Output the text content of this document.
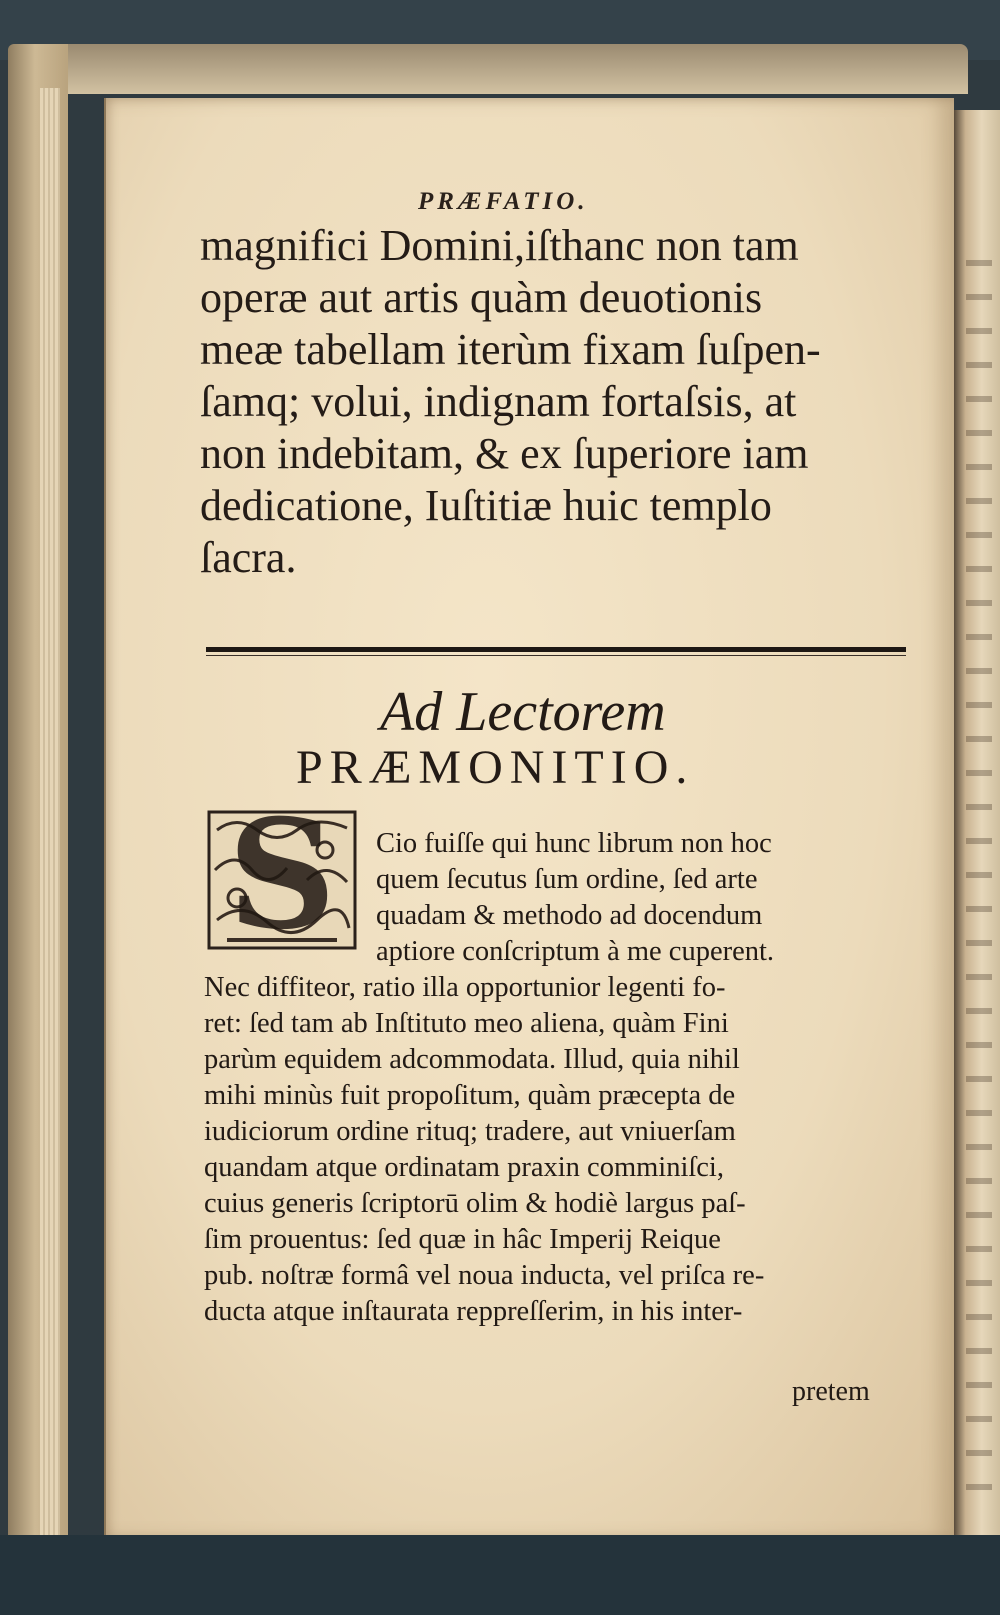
PRÆFATIO.
magnifici Domini,iſthanc non tam
operæ aut artis quàm deuotionis
meæ tabellam iterùm fixam ſuſpen-
ſamq; volui, indignam fortaſsis, at
non indebitam, & ex ſuperiore iam
dedicatione, Iuſtitiæ huic templo
ſacra.
Ad Lectorem
PRÆMONITIO.
S	Cio fuiſſe qui hunc librum non hoc
quem ſecutus ſum ordine, ſed arte
quadam & methodo ad docendum
aptiore conſcriptum à me cuperent.
Nec diffiteor, ratio illa opportunior legenti fo-
ret: ſed tam ab Inſtituto meo aliena, quàm Fini
parùm equidem adcommodata. Illud, quia nihil
mihi minùs fuit propoſitum, quàm præcepta de
iudiciorum ordine rituq; tradere, aut vniuerſam
quandam atque ordinatam praxin comminiſci,
cuius generis ſcriptorū olim & hodiè largus paſ-
ſim prouentus: ſed quæ in hâc Imperij Reique
pub. noſtræ formâ vel noua inducta, vel priſca re-
ducta atque inſtaurata reppreſſerim, in his inter-
pretem
